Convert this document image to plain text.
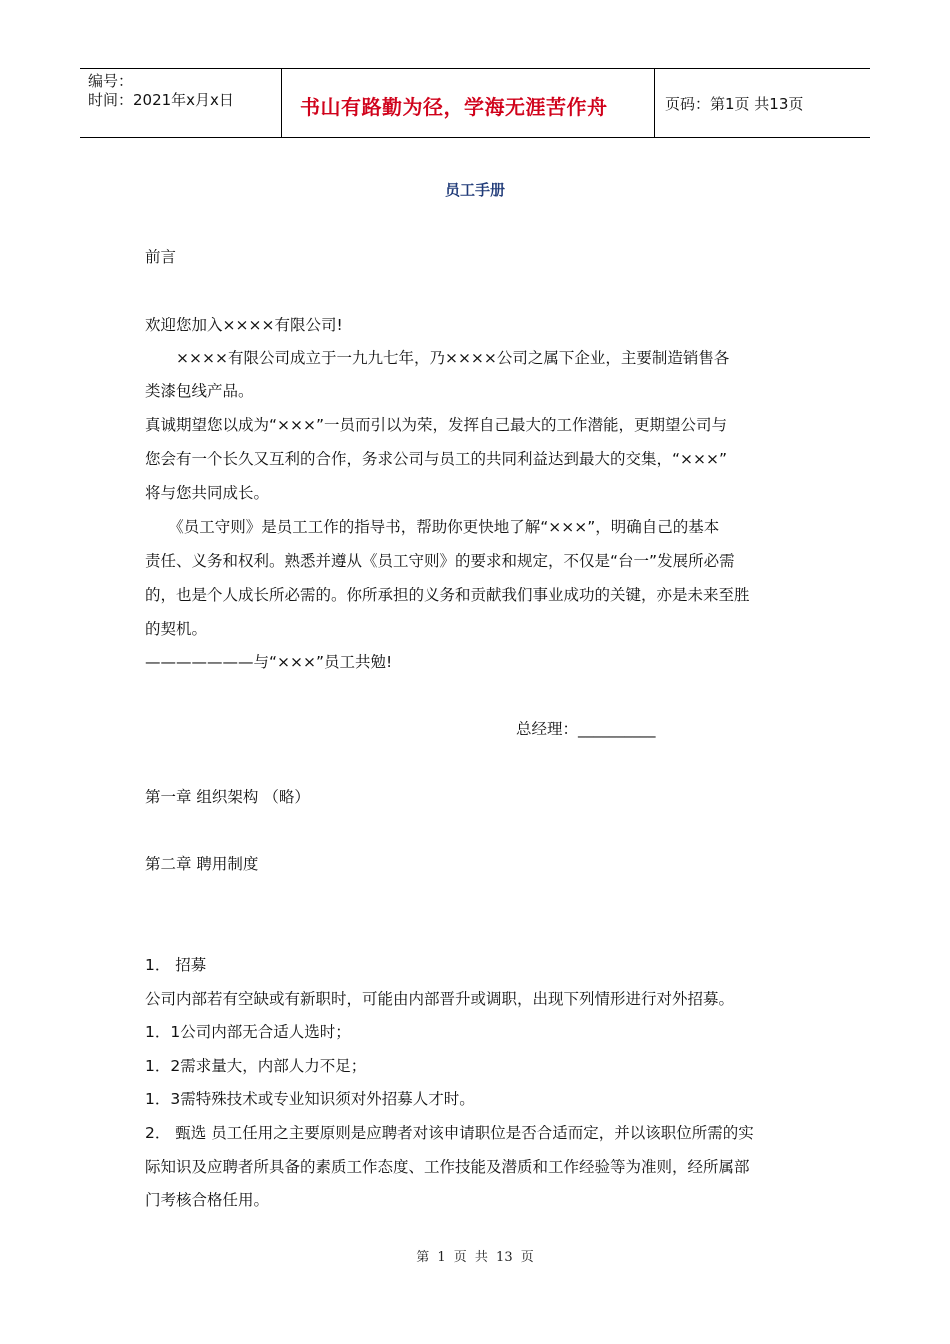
编号：
时间：2021年x月x日	书山有路勤为径，学海无涯苦作舟	页码：第1页 共13页
员工手册
前言
欢迎您加入××××有限公司!
　　××××有限公司成立于一九九七年，乃××××公司之属下企业，主要制造销售各
类漆包线产品。
真诚期望您以成为“×××”一员而引以为荣，发挥自己最大的工作潜能，更期望公司与
您会有一个长久又互利的合作，务求公司与员工的共同利益达到最大的交集，“×××”
将与您共同成长。
　　《员工守则》是员工工作的指导书，帮助你更快地了解“×××”，明确自己的基本
责任、义务和权利。熟悉并遵从《员工守则》的要求和规定，不仅是“台一”发展所必需
的，也是个人成长所必需的。你所承担的义务和贡献我们事业成功的关键，亦是未来至胜
的契机。
———————与“×××”员工共勉!
总经理：__________
第一章 组织架构 （略）
第二章 聘用制度
1． 招募
公司内部若有空缺或有新职时，可能由内部晋升或调职，出现下列情形进行对外招募。
1．1公司内部无合适人选时；
1．2需求量大，内部人力不足；
1．3需特殊技术或专业知识须对外招募人才时。
2． 甄选 员工任用之主要原则是应聘者对该申请职位是否合适而定，并以该职位所需的实
际知识及应聘者所具备的素质工作态度、工作技能及潜质和工作经验等为准则，经所属部
门考核合格任用。
第 1 页 共 13 页
